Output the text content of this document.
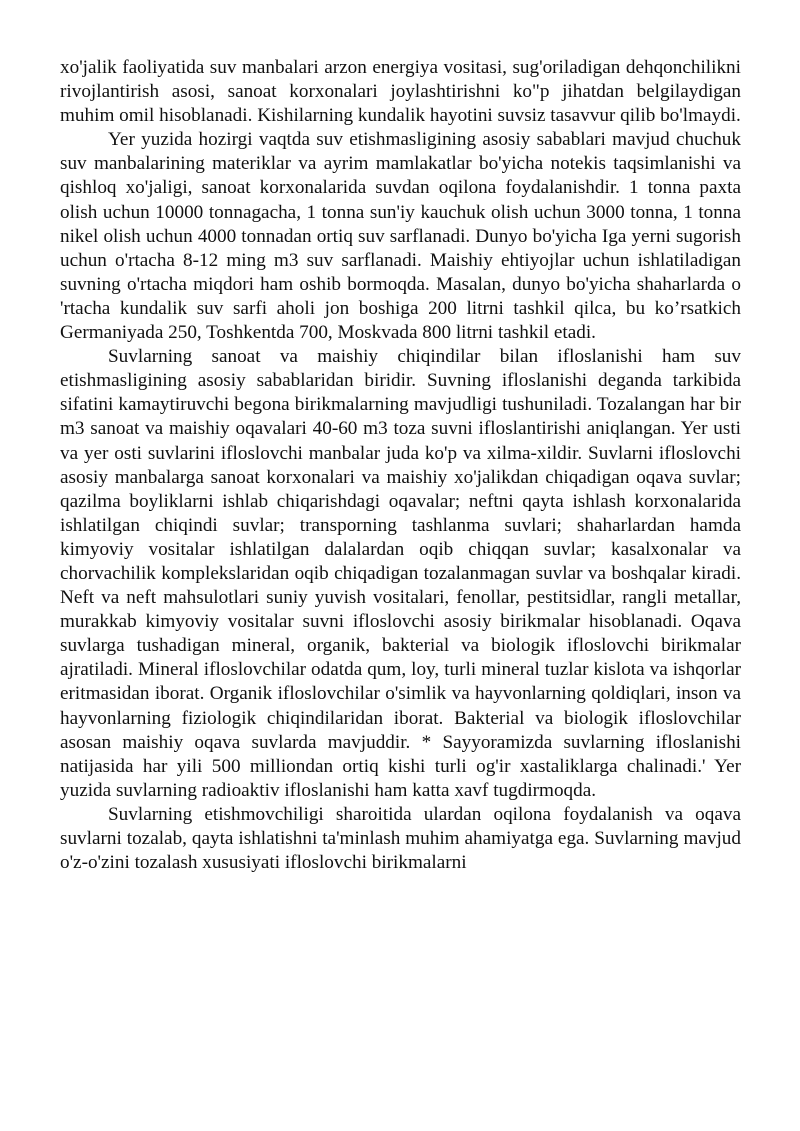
xo'jalik faoliyatida suv manbalari arzon energiya vositasi, sug'oriladigan dehqonchilikni rivojlantirish asosi, sanoat korxonalari joylashtirishni ko"p jihatdan belgilaydigan muhim omil hisoblanadi. Kishilarning kundalik hayotini suvsiz tasavvur qilib bo'lmaydi.

Yer yuzida hozirgi vaqtda suv etishmasligining asosiy sabablari mavjud chuchuk suv manbalarining materiklar va ayrim mamlakatlar bo'yicha notekis taqsimlanishi va qishloq xo'jaligi, sanoat korxonalarida suvdan oqilona foydalanishdir. 1 tonna paxta olish uchun 10000 tonnagacha, 1 tonna sun'iy kauchuk olish uchun 3000 tonna, 1 tonna nikel olish uchun 4000 tonnadan ortiq suv sarflanadi. Dunyo bo'yicha Iga yerni sugorish uchun o'rtacha 8-12 ming m3 suv sarflanadi. Maishiy ehtiyojlar uchun ishlatiladigan suvning o'rtacha miqdori ham oshib bormoqda. Masalan, dunyo bo'yicha shaharlarda o 'rtacha kundalik suv sarfi aholi jon boshiga 200 litrni tashkil qilca, bu ko’rsatkich Germaniyada 250, Toshkentda 700, Moskvada 800 litrni tashkil etadi.

Suvlarning sanoat va maishiy chiqindilar bilan ifloslanishi ham suv etishmasligining asosiy sabablaridan biridir. Suvning ifloslanishi deganda tarkibida sifatini kamaytiruvchi begona birikmalarning mavjudligi tushuniladi. Tozalangan har bir m3 sanoat va maishiy oqavalari 40-60 m3 toza suvni ifloslantirishi aniqlangan. Yer usti va yer osti suvlarini ifloslovchi manbalar juda ko'p va xilma-xildir. Suvlarni ifloslovchi asosiy manbalarga sanoat korxonalari va maishiy xo'jalikdan chiqadigan oqava suvlar; qazilma boyliklarni ishlab chiqarishdagi oqavalar; neftni qayta ishlash korxonalarida ishlatilgan chiqindi suvlar; transporning tashlanma suvlari; shaharlardan hamda kimyoviy vositalar ishlatilgan dalalardan oqib chiqqan suvlar; kasalxonalar va chorvachilik komplekslaridan oqib chiqadigan tozalanmagan suvlar va boshqalar kiradi. Neft va neft mahsulotlari suniy yuvish vositalari, fenollar, pestitsidlar, rangli metallar, murakkab kimyoviy vositalar suvni ifloslovchi asosiy birikmalar hisoblanadi. Oqava suvlarga tushadigan mineral, organik, bakterial va biologik ifloslovchi birikmalar ajratiladi. Mineral ifloslovchilar odatda qum, loy, turli mineral tuzlar kislota va ishqorlar eritmasidan iborat. Organik ifloslovchilar o'simlik va hayvonlarning qoldiqlari, inson va hayvonlarning fiziologik chiqindilaridan iborat. Bakterial va biologik ifloslovchilar asosan maishiy oqava suvlarda mavjuddir. * Sayyoramizda suvlarning ifloslanishi natijasida har yili 500 milliondan ortiq kishi turli og'ir xastaliklarga chalinadi.' Yer yuzida suvlarning radioaktiv ifloslanishi ham katta xavf tugdirmoqda.

Suvlarning etishmovchiligi sharoitida ulardan oqilona foydalanish va oqava suvlarni tozalab, qayta ishlatishni ta'minlash muhim ahamiyatga ega. Suvlarning mavjud o'z-o'zini tozalash xususiyati ifloslovchi birikmalarni
